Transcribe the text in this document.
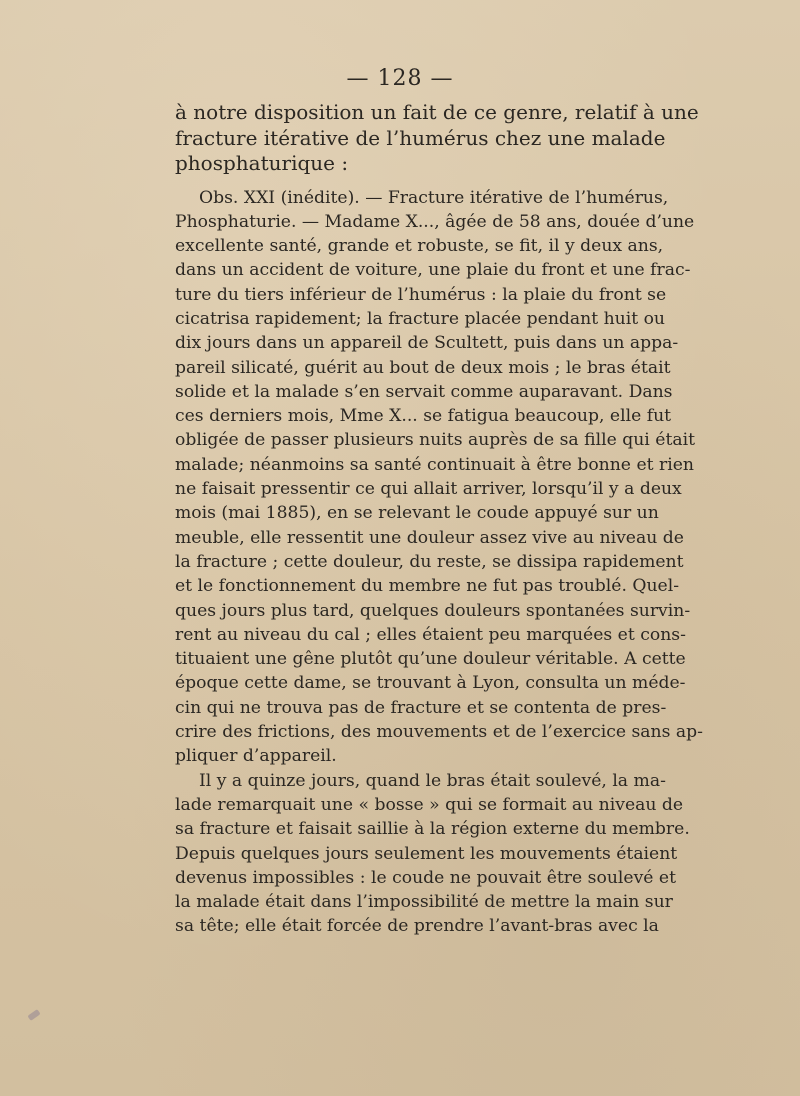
— 128 —
à notre disposition un fait de ce genre, relatif à une
fracture itérative de l’humérus chez une malade
phosphaturique :
Obs. XXI (inédite). — Fracture itérative de l’humérus,
Phosphaturie. — Madame X..., âgée de 58 ans, douée d’une
excellente santé, grande et robuste, se fit, il y deux ans,
dans un accident de voiture, une plaie du front et une frac-
ture du tiers inférieur de l’humérus : la plaie du front se
cicatrisa rapidement; la fracture placée pendant huit ou
dix jours dans un appareil de Scultett, puis dans un appa-
pareil silicaté, guérit au bout de deux mois ; le bras était
solide et la malade s’en servait comme auparavant. Dans
ces derniers mois, Mme X... se fatigua beaucoup, elle fut
obligée de passer plusieurs nuits auprès de sa fille qui était
malade; néanmoins sa santé continuait à être bonne et rien
ne faisait pressentir ce qui allait arriver, lorsqu’il y a deux
mois (mai 1885), en se relevant le coude appuyé sur un
meuble, elle ressentit une douleur assez vive au niveau de
la fracture ; cette douleur, du reste, se dissipa rapidement
et le fonctionnement du membre ne fut pas troublé. Quel-
ques jours plus tard, quelques douleurs spontanées survin-
rent au niveau du cal ; elles étaient peu marquées et cons-
tituaient une gêne plutôt qu’une douleur véritable. A cette
époque cette dame, se trouvant à Lyon, consulta un méde-
cin qui ne trouva pas de fracture et se contenta de pres-
crire des frictions, des mouvements et de l’exercice sans ap-
pliquer d’appareil.
Il y a quinze jours, quand le bras était soulevé, la ma-
lade remarquait une « bosse » qui se formait au niveau de
sa fracture et faisait saillie à la région externe du membre.
Depuis quelques jours seulement les mouvements étaient
devenus impossibles : le coude ne pouvait être soulevé et
la malade était dans l’impossibilité de mettre la main sur
sa tête; elle était forcée de prendre l’avant-bras avec la
